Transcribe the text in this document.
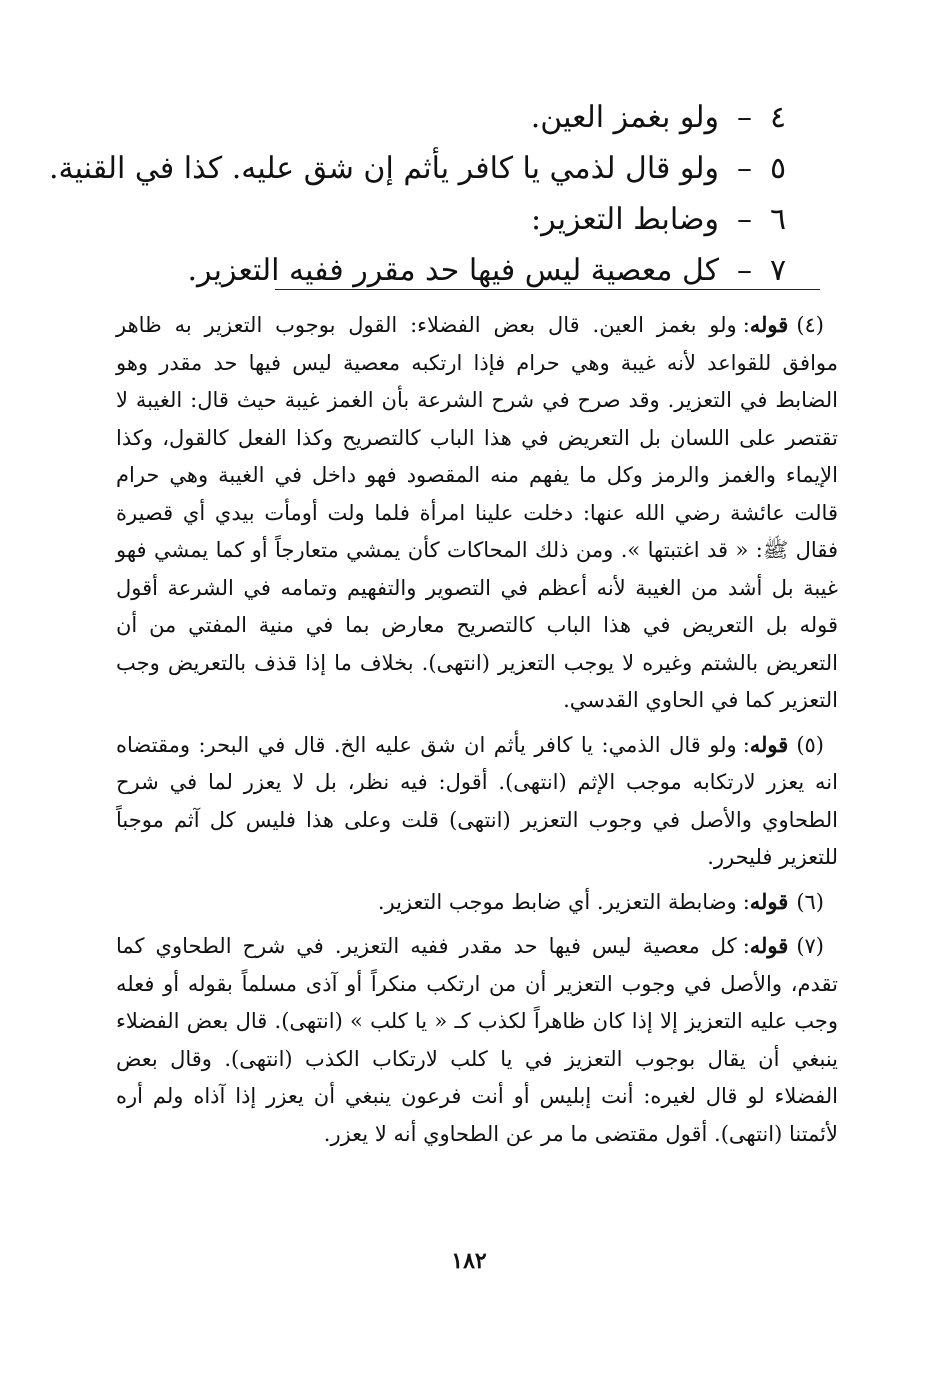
٤
–
ولو بغمز العين.
٥
–
ولو قال لذمي يا كافر يأثم إن شق عليه. كذا في القنية.
٦
–
وضابط التعزير:
٧
–
كل معصية ليس فيها حد مقرر ففيه التعزير.

(٤)قوله:ولو بغمز العين. قال بعض الفضلاء: القول بوجوب التعزير به ظاهر موافق للقواعد لأنه غيبة وهي حرام فإذا ارتكبه معصية ليس فيها حد مقدر وهو الضابط في التعزير. وقد صرح في شرح الشرعة بأن الغمز غيبة حيث قال: الغيبة لا تقتصر على اللسان بل التعريض في هذا الباب كالتصريح وكذا الفعل كالقول، وكذا الإيماء والغمز والرمز وكل ما يفهم منه المقصود فهو داخل في الغيبة وهي حرام قالت عائشة رضي الله عنها: دخلت علينا امرأة فلما ولت أومأت بيدي أي قصيرة فقال ﷺ: « قد اغتبتها ». ومن ذلك المحاكات كأن يمشي متعارجاً أو كما يمشي فهو غيبة بل أشد من الغيبة لأنه أعظم في التصوير والتفهيم وتمامه في الشرعة أقول قوله بل التعريض في هذا الباب كالتصريح معارض بما في منية المفتي من أن التعريض بالشتم وغيره لا يوجب التعزير (انتهى). بخلاف ما إذا قذف بالتعريض وجب التعزير كما في الحاوي القدسي.

(٥)قوله:ولو قال الذمي: يا كافر يأثم ان شق عليه الخ. قال في البحر: ومقتضاه انه يعزر لارتكابه موجب الإثم (انتهى). أقول: فيه نظر، بل لا يعزر لما في شرح الطحاوي والأصل في وجوب التعزير (انتهى) قلت وعلى هذا فليس كل آثم موجباً للتعزير فليحرر.

(٦)قوله:وضابطة التعزير. أي ضابط موجب التعزير.

(٧)قوله:كل معصية ليس فيها حد مقدر ففيه التعزير. في شرح الطحاوي كما تقدم، والأصل في وجوب التعزير أن من ارتكب منكراً أو آذى مسلماً بقوله أو فعله وجب عليه التعزيز إلا إذا كان ظاهراً لكذب كـ « يا كلب » (انتهى). قال بعض الفضلاء ينبغي أن يقال بوجوب التعزيز في يا كلب لارتكاب الكذب (انتهى). وقال بعض الفضلاء لو قال لغيره: أنت إبليس أو أنت فرعون ينبغي أن يعزر إذا آذاه ولم أره لأئمتنا (انتهى). أقول مقتضى ما مر عن الطحاوي أنه لا يعزر.

١٨٢
